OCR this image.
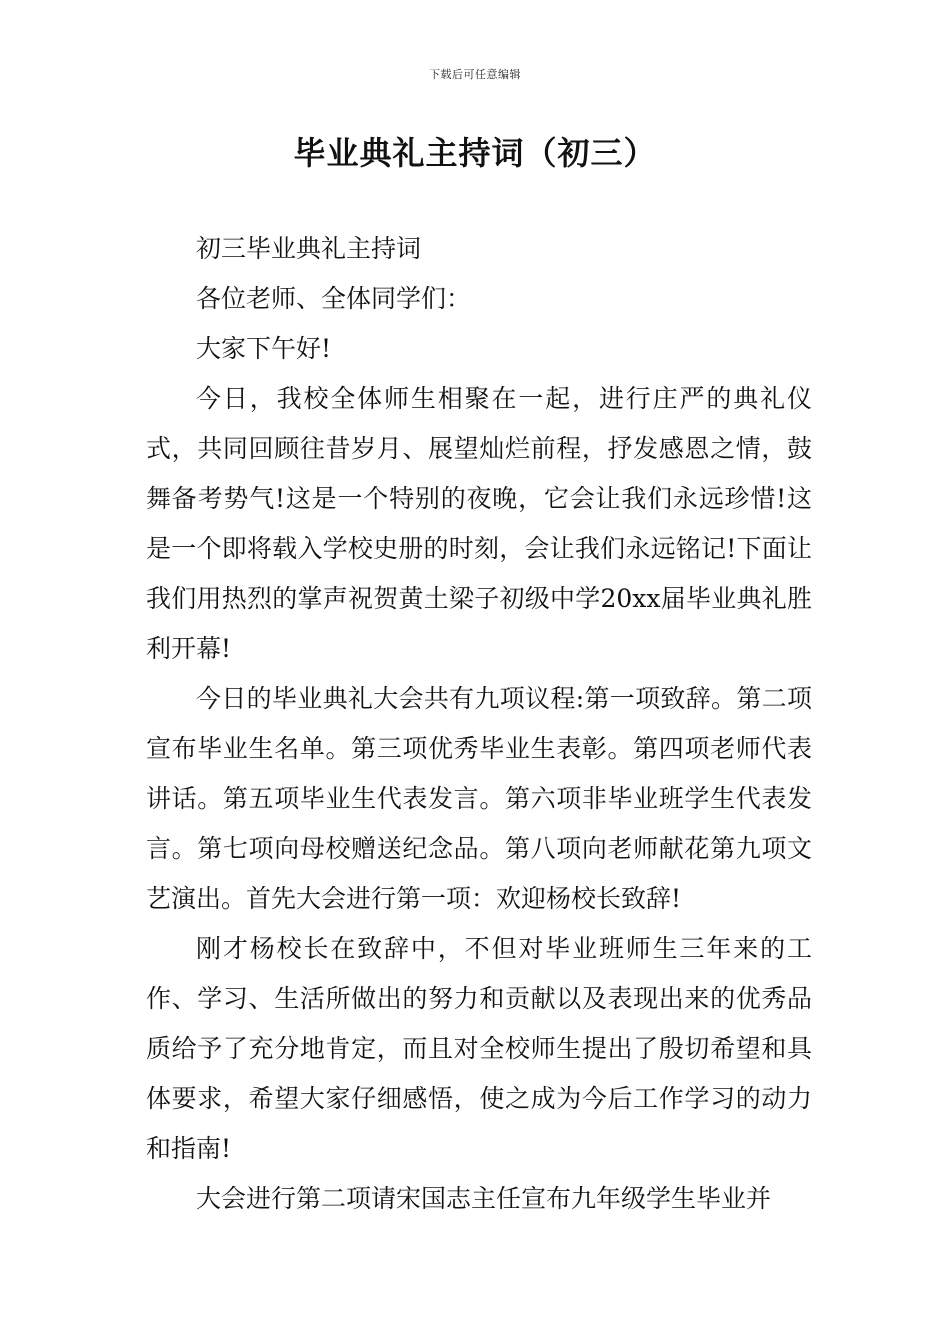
下载后可任意编辑
毕业典礼主持词（初三）

初三毕业典礼主持词

各位老师、全体同学们：

大家下午好!

今日，我校全体师生相聚在一起，进行庄严的典礼仪式，共同回顾往昔岁月、展望灿烂前程，抒发感恩之情，鼓舞备考势气!这是一个特别的夜晚，它会让我们永远珍惜!这是一个即将载入学校史册的时刻，会让我们永远铭记!下面让我们用热烈的掌声祝贺黄土梁子初级中学20xx届毕业典礼胜利开幕!

今日的毕业典礼大会共有九项议程:第一项致辞。第二项宣布毕业生名单。第三项优秀毕业生表彰。第四项老师代表讲话。第五项毕业生代表发言。第六项非毕业班学生代表发言。第七项向母校赠送纪念品。第八项向老师献花第九项文艺演出。首先大会进行第一项：欢迎杨校长致辞!

刚才杨校长在致辞中，不但对毕业班师生三年来的工作、学习、生活所做出的努力和贡献以及表现出来的优秀品质给予了充分地肯定，而且对全校师生提出了殷切希望和具体要求，希望大家仔细感悟，使之成为今后工作学习的动力和指南!

大会进行第二项请宋国志主任宣布九年级学生毕业并
